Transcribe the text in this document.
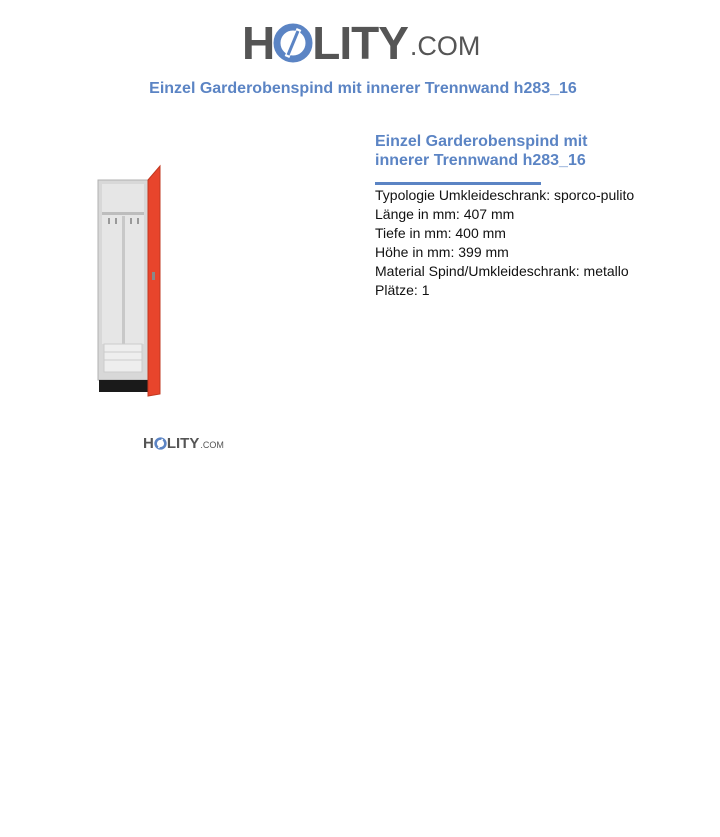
H LITY .COM
Einzel Garderobenspind mit innerer Trennwand h283_16
H LITY .COM
Einzel Garderobenspind mit
innerer Trennwand h283_16
Typologie Umkleideschrank: sporco-pulito
Länge in mm: 407 mm
Tiefe in mm: 400 mm
Höhe in mm: 399 mm
Material Spind/Umkleideschrank: metallo
Plätze: 1
